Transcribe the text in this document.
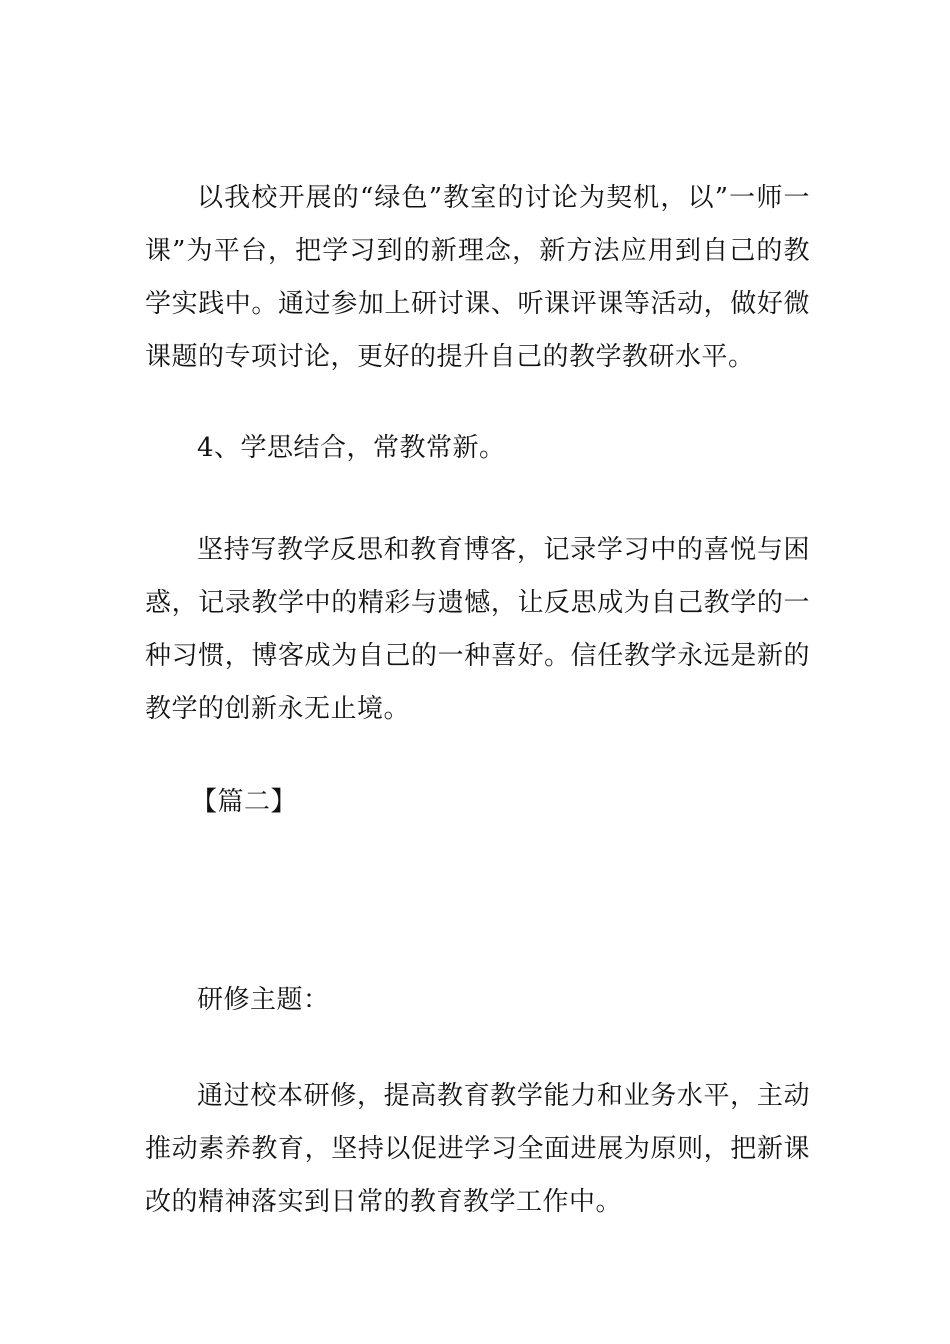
以我校开展的“绿色”教室的讨论为契机，以”一师一课”为平台，把学习到的新理念，新方法应用到自己的教学实践中。通过参加上研讨课、听课评课等活动，做好微课题的专项讨论，更好的提升自己的教学教研水平。

4、学思结合，常教常新。

坚持写教学反思和教育博客，记录学习中的喜悦与困惑，记录教学中的精彩与遗憾，让反思成为自己教学的一种习惯，博客成为自己的一种喜好。信任教学永远是新的教学的创新永无止境。

【篇二】

研修主题：

通过校本研修，提高教育教学能力和业务水平，主动推动素养教育，坚持以促进学习全面进展为原则，把新课改的精神落实到日常的教育教学工作中。
